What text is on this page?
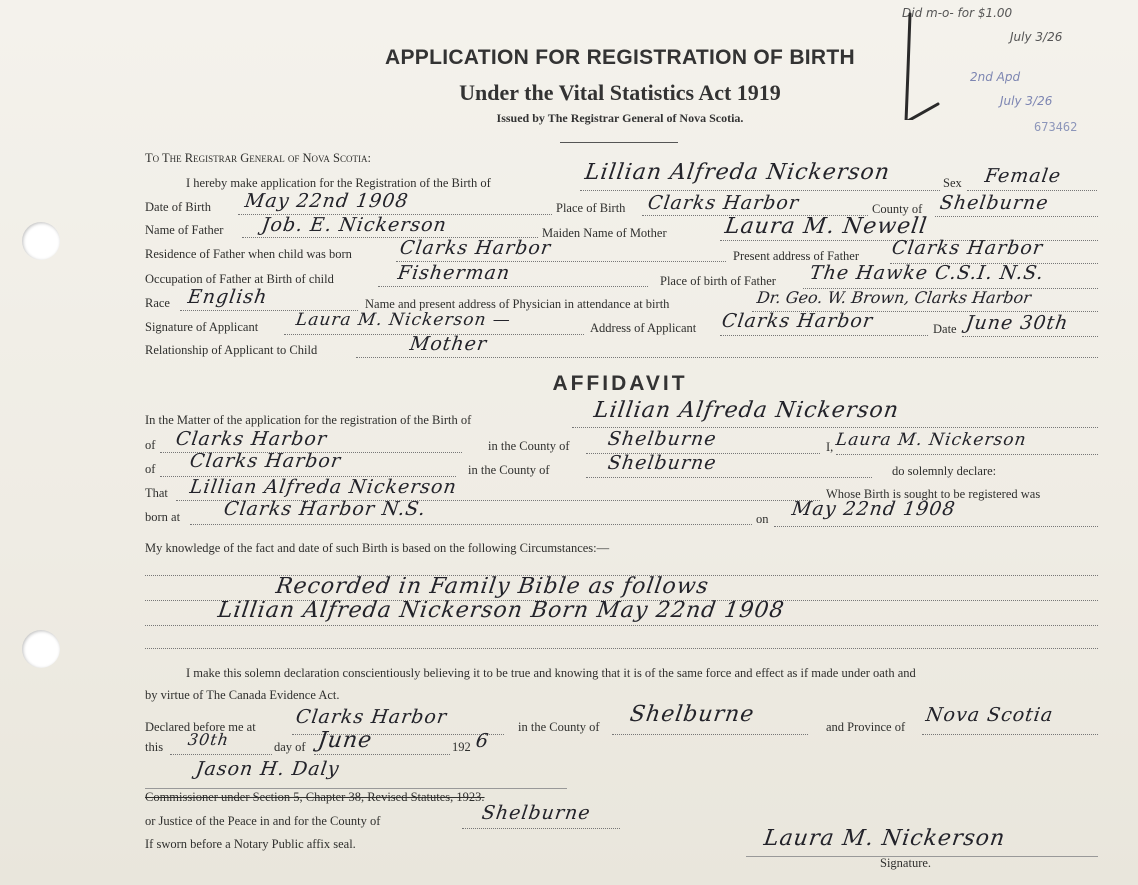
Did m-o- for $1.00
July 3/26
2nd Apd
July 3/26
673462
APPLICATION FOR REGISTRATION OF BIRTH
Under the Vital Statistics Act 1919
Issued by The Registrar General of Nova Scotia.
To The Registrar General of Nova Scotia:
I hereby make application for the Registration of the Birth of	Lillian Alfreda Nickerson	Sex Female
Date of Birth May 22nd 1908	Place of Birth Clarks Harbor	County of Shelburne
Name of Father Job. E. Nickerson	Maiden Name of Mother	Laura M. Newell
Residence of Father when child was born Clarks Harbor	Present address of Father Clarks Harbor
Occupation of Father at Birth of child	Fisherman	Place of birth of Father The Hawke C.S.I. N.S.
Race English	Name and present address of Physician in attendance at birth	Dr. Geo. W. Brown, Clarks Harbor
Signature of Applicant Laura M. Nickerson —	Address of Applicant Clarks Harbor	Date June 30th
Relationship of Applicant to Child	Mother
AFFIDAVIT
In the Matter of the application for the registration of the Birth of	Lillian Alfreda Nickerson
of Clarks Harbor	in the County of Shelburne	I, Laura M. Nickerson
of Clarks Harbor	in the County of	Shelburne	do solemnly declare:
That Lillian Alfreda Nickerson	Whose Birth is sought to be registered was
born at Clarks Harbor N.S.	on May 22nd 1908
My knowledge of the fact and date of such Birth is based on the following Circumstances:—
Recorded in Family Bible as follows
Lillian Alfreda Nickerson Born May 22nd 1908
I make this solemn declaration conscientiously believing it to be true and knowing that it is of the same force and effect as if made under oath and
by virtue of The Canada Evidence Act.
Declared before me at Clarks Harbor	in the County of Shelburne	and Province of
Nova Scotia
this 30th	day of June	192 6
Jason H. Daly
Commissioner under Section 5, Chapter 38, Revised Statutes, 1923.
or Justice of the Peace in and for the County of	Shelburne
If sworn before a Notary Public affix seal.	Laura M. Nickerson
Signature.
